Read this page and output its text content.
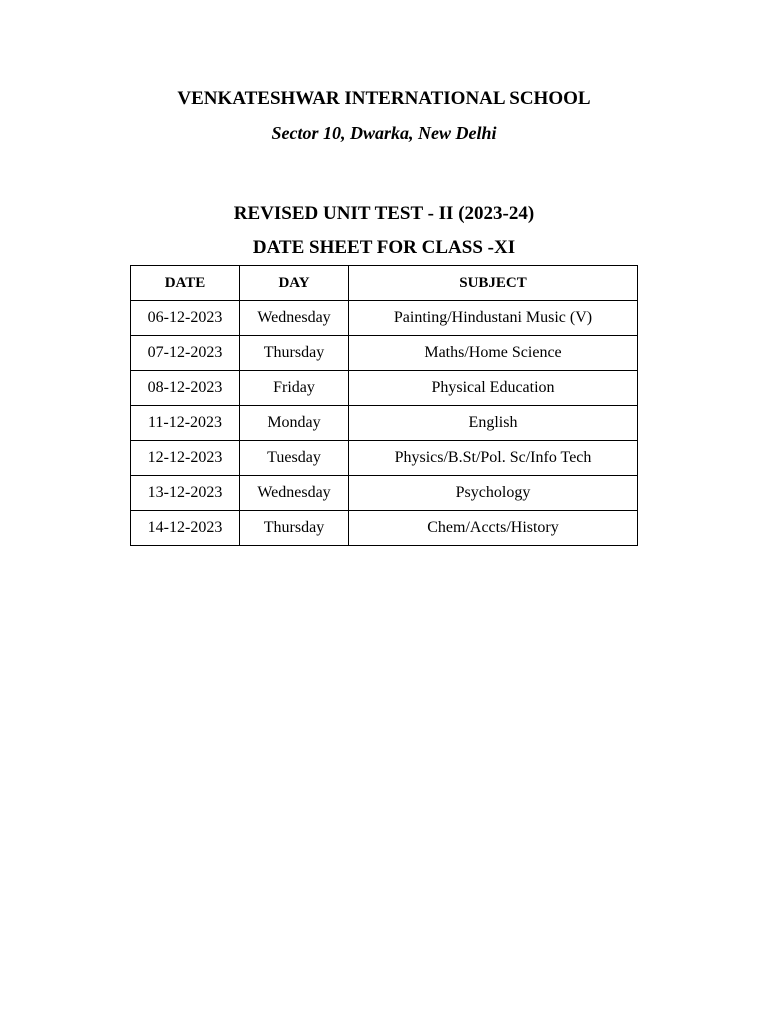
VENKATESHWAR INTERNATIONAL SCHOOL
Sector 10, Dwarka, New Delhi
REVISED UNIT TEST - II (2023-24)
DATE SHEET FOR CLASS -XI
DATE	DAY	SUBJECT
06-12-2023	Wednesday	Painting/Hindustani Music (V)
07-12-2023	Thursday	Maths/Home Science
08-12-2023	Friday	Physical Education
11-12-2023	Monday	English
12-12-2023	Tuesday	Physics/B.St/Pol. Sc/Info Tech
13-12-2023	Wednesday	Psychology
14-12-2023	Thursday	Chem/Accts/History
